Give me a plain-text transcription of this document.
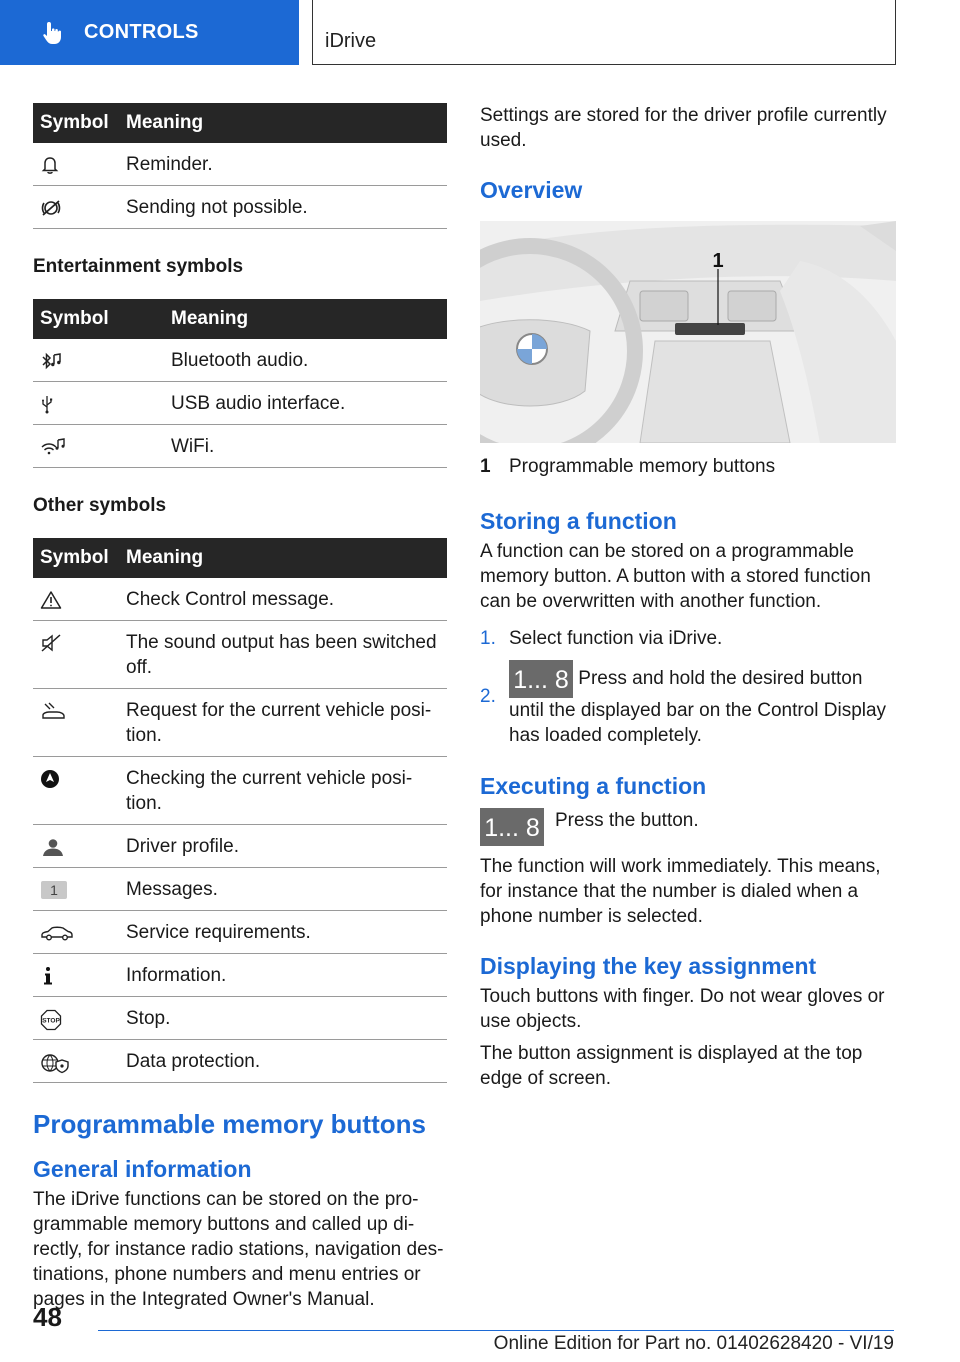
CONTROLS	iDrive
Symbol	Meaning

	Reminder.

	Sending not possible.
Entertainment symbols
Symbol	Meaning

	Bluetooth audio.

	USB audio interface.

	WiFi.
Other symbols
Symbol	Meaning

	Check Control message.

	The sound output has been switched off.

	Request for the current vehicle posi- tion.

	Checking the current vehicle posi- tion.

	Driver profile.

1	Messages.

	Service requirements.

	Information.

STOP	Stop.

	Data protection.
Programmable memory buttons
General information
The iDrive functions can be stored on the pro- grammable memory buttons and called up di- rectly, for instance radio stations, navigation des- tinations, phone numbers and menu entries or pages in the Integrated Owner's Manual.
Settings are stored for the driver profile currently used.
Overview
1
1 Programmable memory buttons
Storing a function
A function can be stored on a programmable memory button. A button with a stored function can be overwritten with another function.
1. Select function via iDrive.
2.
1... 8 Press and hold the desired button until the displayed bar on the Control Display has loaded completely.
Executing a function
1... 8 Press the button.
The function will work immediately. This means, for instance that the number is dialed when a phone number is selected.
Displaying the key assignment
Touch buttons with finger. Do not wear gloves or use objects.
The button assignment is displayed at the top edge of screen.
48
Online Edition for Part no. 01402628420 - VI/19
